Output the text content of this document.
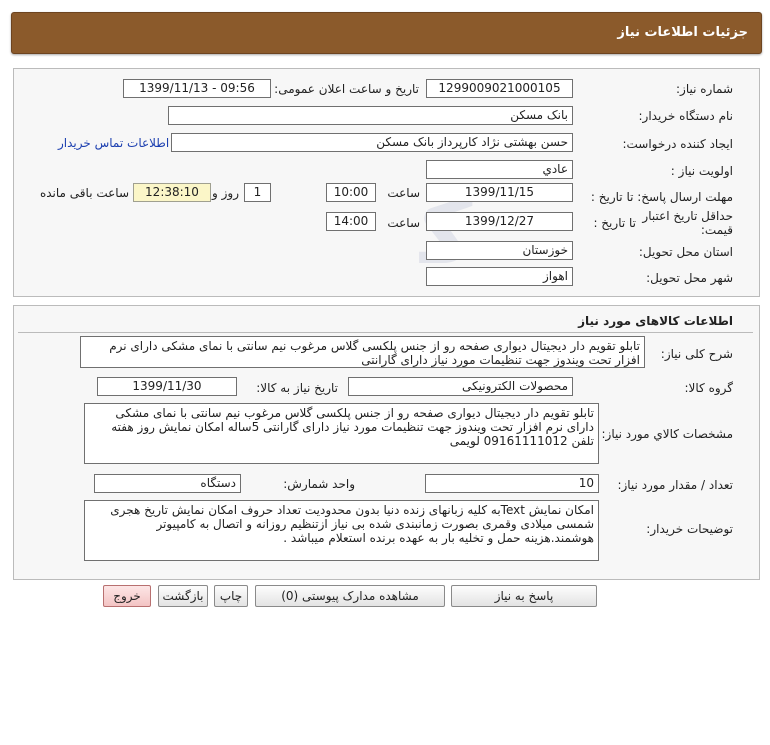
جزئیات اطلاعات نیاز
شماره نیاز:
1299009021000105
تاریخ و ساعت اعلان عمومی:
1399/11/13 - 09:56
نام دستگاه خریدار:
بانک مسکن
ایجاد کننده درخواست:
حسن بهشتی نژاد کارپرداز بانک مسکن
اطلاعات تماس خریدار
اولویت نیاز :
عادي
مهلت ارسال پاسخ: تا تاریخ :
1399/11/15
ساعت
10:00
1
روز و
12:38:10
ساعت باقی مانده
حداقل تاریخ اعتبار
قیمت:
تا تاریخ :
1399/12/27
ساعت
14:00
استان محل تحویل:
خوزستان
شهر محل تحویل:
اهواز
اطلاعات کالاهای مورد نیاز
شرح کلی نیاز:
تابلو تقویم دار دیجیتال دیواری صفحه رو از جنس پلکسی گلاس مرغوب نیم سانتی با نمای مشکی دارای نرم افزار تحت ویندوز جهت تنظیمات مورد نیاز دارای گارانتی
گروه کالا:
محصولات الکترونیکی
تاریخ نیاز به کالا:
1399/11/30
مشخصات کالاي مورد نیاز:
تابلو تقویم دار دیجیتال دیواری صفحه رو از جنس پلکسی گلاس مرغوب نیم سانتی با نمای مشکی دارای نرم افزار تحت ویندوز جهت تنظیمات مورد نیاز دارای گارانتی 5ساله امکان نمایش روز هفته تلفن 09161111012 لویمی
تعداد / مقدار مورد نیاز:
10
واحد شمارش:
دستگاه
توضیحات خریدار:
امکان نمایش Textبه کلیه زبانهای زنده دنیا بدون محدودیت تعداد حروف امکان نمایش تاریخ هجری شمسی میلادی وقمری بصورت زمانبندی شده بی نیاز ازتنظیم روزانه و اتصال به کامپیوتر هوشمند.هزینه حمل و تخلیه بار به عهده برنده استعلام میباشد .
پاسخ به نیاز
مشاهده مدارک پیوستی (0)
چاپ
بازگشت
خروج
